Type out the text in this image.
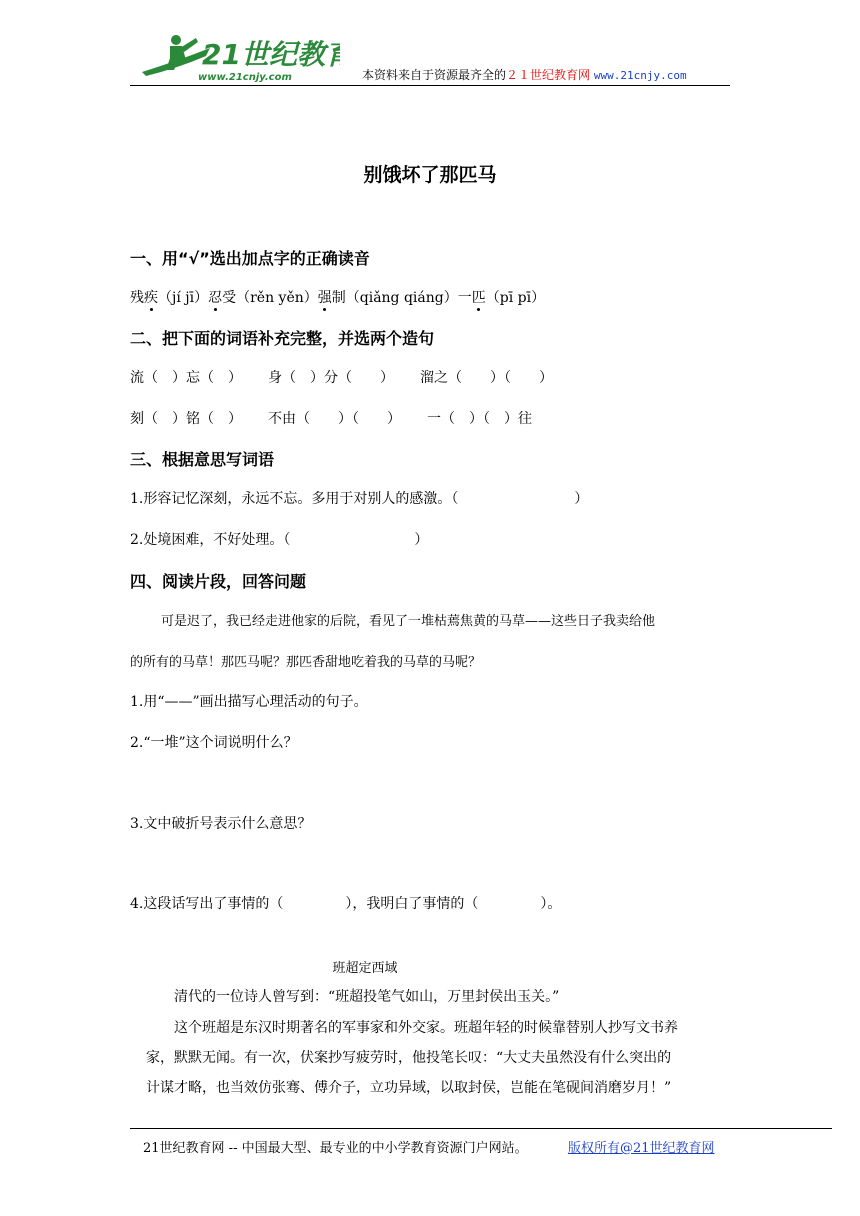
21世纪教育
www.21cnjy.com	本资料来自于资源最齐全的２１世纪教育网 www.21cnjy.com
别饿坏了那匹马
一、用“√”选出加点字的正确读音
残疾（jí jī）忍受（rěn yěn）强制（qiǎng qiáng）一匹（pī pī）
二、把下面的词语补充完整，并选两个造句
流（　）忘（　） 身（　）分（　　） 溜之（　　）（　　）
刻（　）铭（　） 不由（　　）（　　） 一（　）（　）往
三、根据意思写词语
1.形容记忆深刻，永远不忘。多用于对别人的感激。（	）
2.处境困难，不好处理。（	）
四、阅读片段，回答问题
可是迟了，我已经走进他家的后院，看见了一堆枯蔫焦黄的马草——这些日子我卖给他
的所有的马草！那匹马呢？那匹香甜地吃着我的马草的马呢？
1.用“——”画出描写心理活动的句子。
2.“一堆”这个词说明什么？
3.文中破折号表示什么意思？
4.这段话写出了事情的（	），我明白了事情的（	）。
班超定西域
清代的一位诗人曾写到：“班超投笔气如山，万里封侯出玉关。”
这个班超是东汉时期著名的军事家和外交家。班超年轻的时候靠替别人抄写文书养
家，默默无闻。有一次，伏案抄写疲劳时，他投笔长叹：“大丈夫虽然没有什么突出的
计谋才略，也当效仿张骞、傅介子，立功异域，以取封侯，岂能在笔砚间消磨岁月！”
21世纪教育网 -- 中国最大型、最专业的中小学教育资源门户网站。	版权所有@21世纪教育网
